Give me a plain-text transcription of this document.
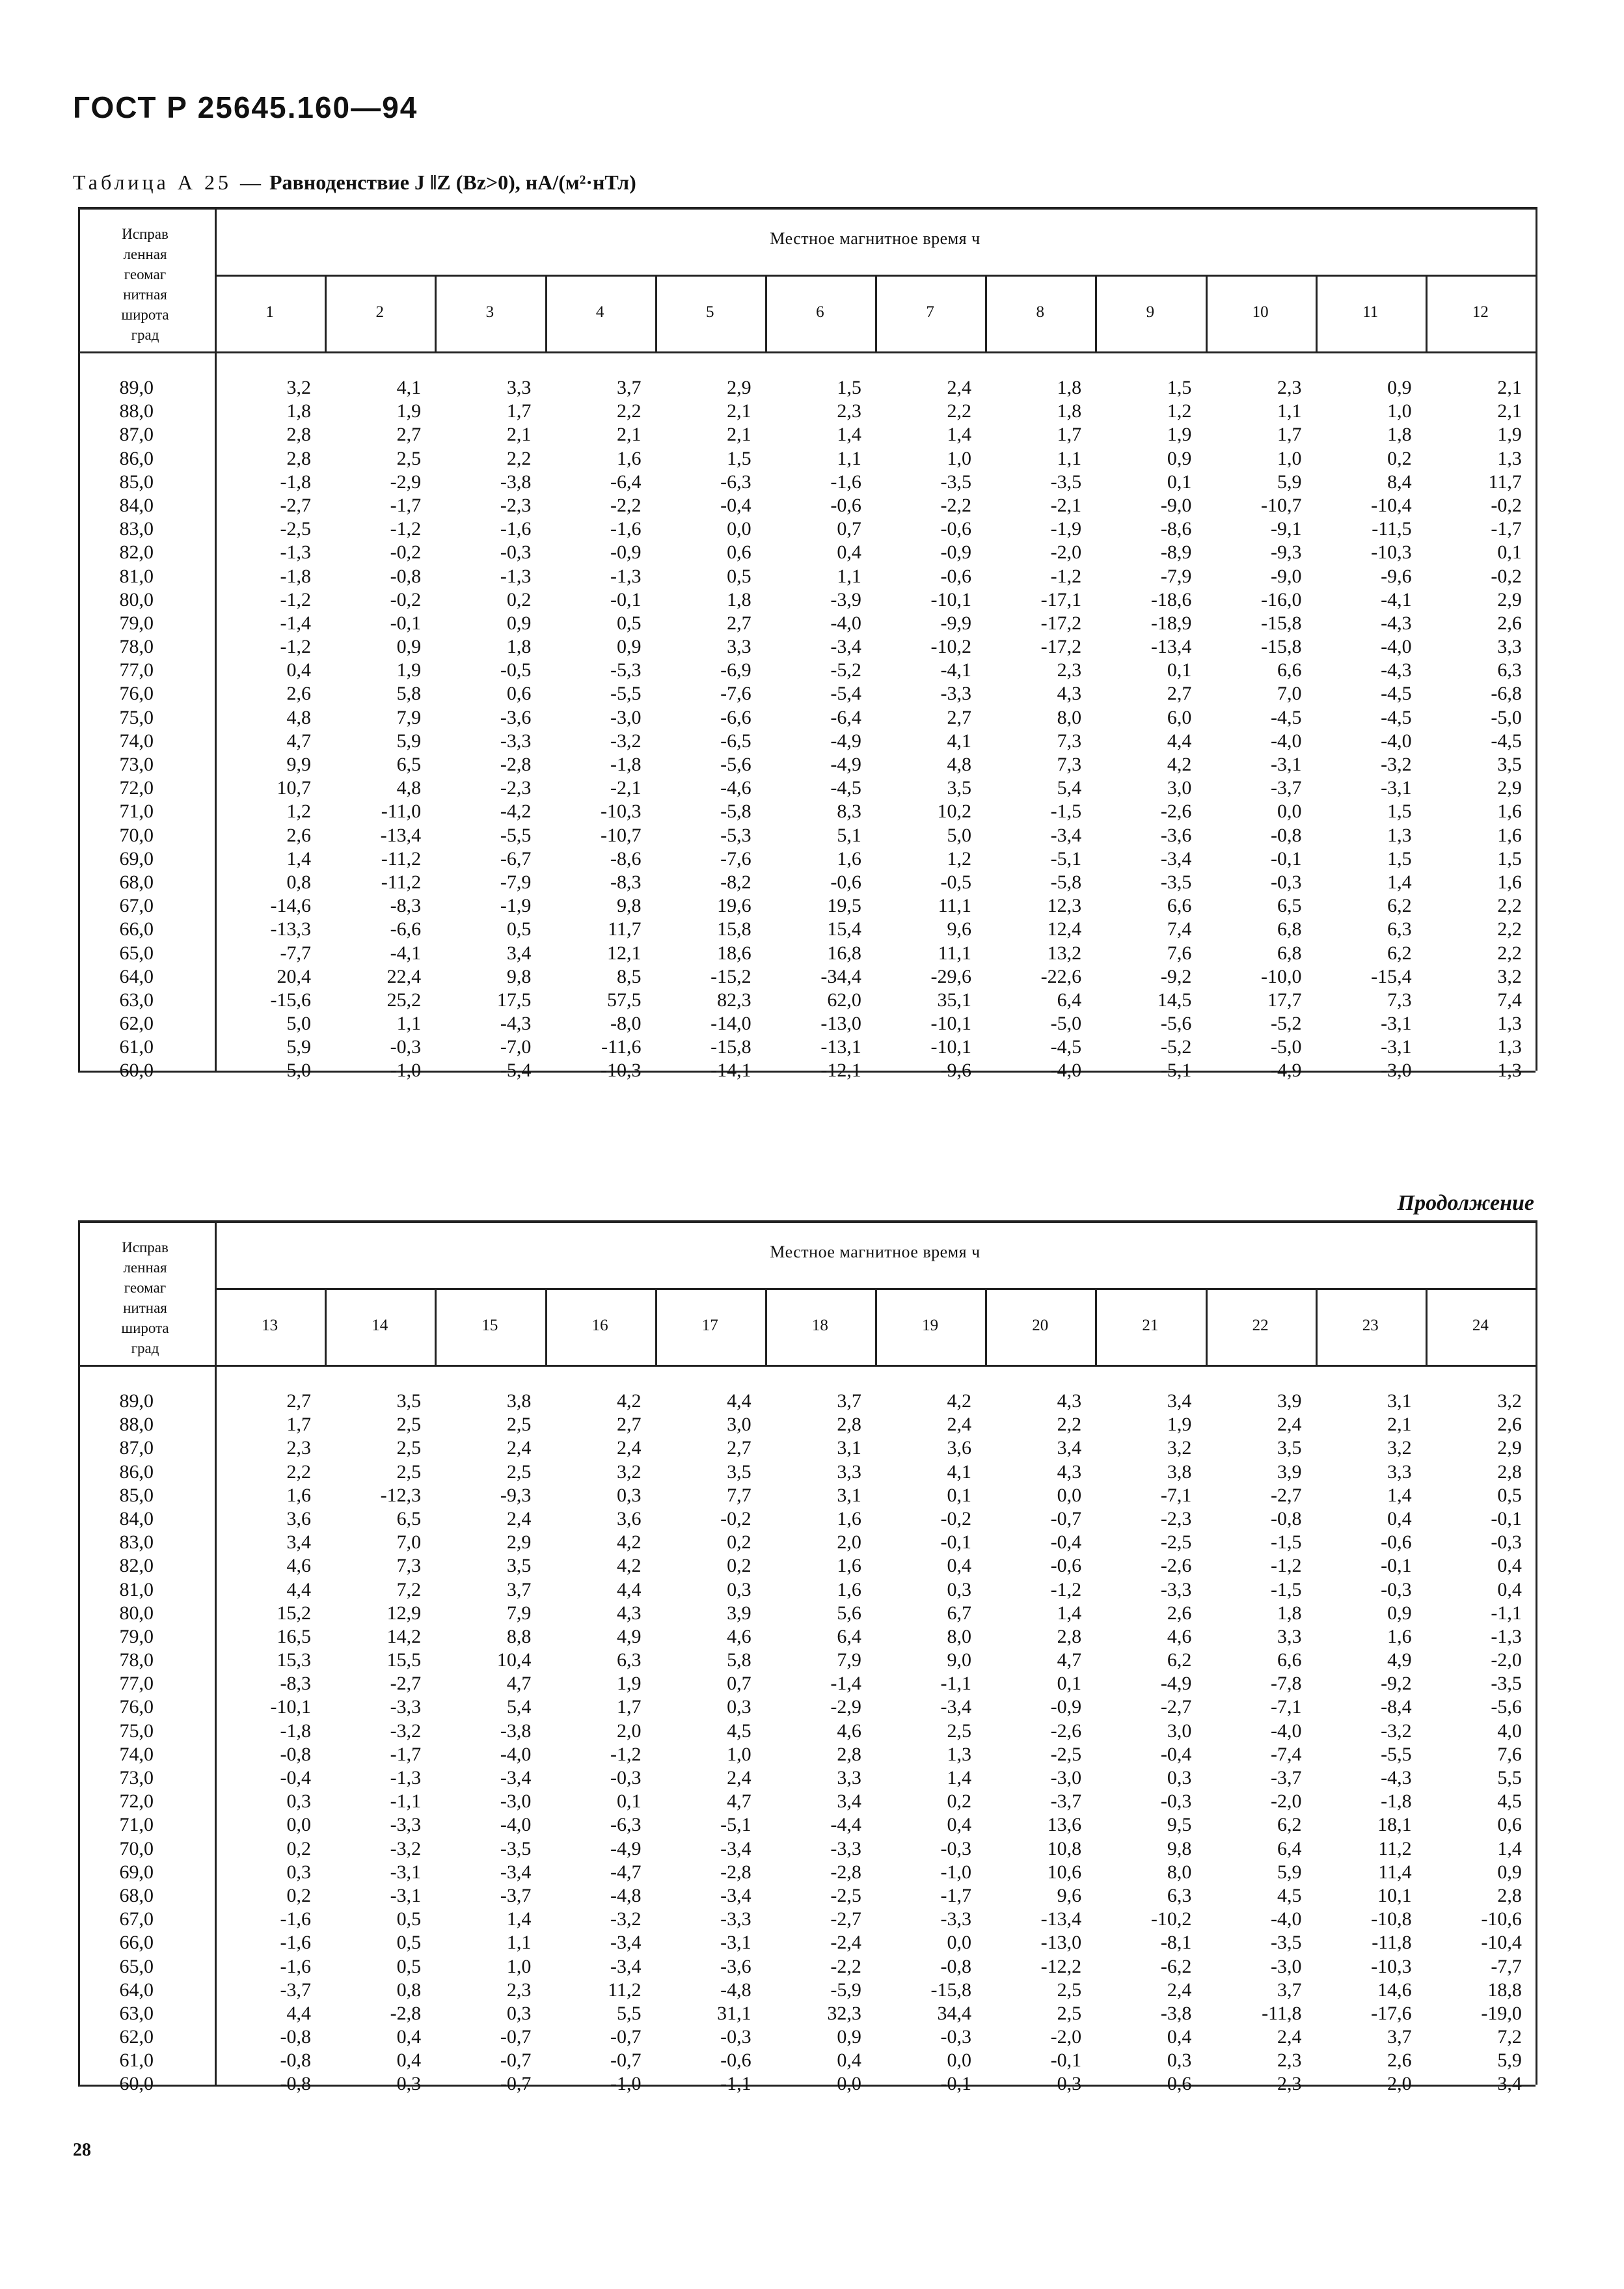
ГОСТ Р 25645.160—94
Таблица А 25 — Равноденствие J ‖Z (Bz>0), нА/(м²·нТл)
Исправ
ленная
геомаг
нитная
широта
град
Местное магнитное время ч
1	2	3	4	5	6	7	8	9	10	11	12
89,0	3,2	4,1	3,3	3,7	2,9	1,5	2,4	1,8	1,5	2,3	0,9	2,1
88,0	1,8	1,9	1,7	2,2	2,1	2,3	2,2	1,8	1,2	1,1	1,0	2,1
87,0	2,8	2,7	2,1	2,1	2,1	1,4	1,4	1,7	1,9	1,7	1,8	1,9
86,0	2,8	2,5	2,2	1,6	1,5	1,1	1,0	1,1	0,9	1,0	0,2	1,3
85,0	-1,8	-2,9	-3,8	-6,4	-6,3	-1,6	-3,5	-3,5	0,1	5,9	8,4	11,7
84,0	-2,7	-1,7	-2,3	-2,2	-0,4	-0,6	-2,2	-2,1	-9,0	-10,7	-10,4	-0,2
83,0	-2,5	-1,2	-1,6	-1,6	0,0	0,7	-0,6	-1,9	-8,6	-9,1	-11,5	-1,7
82,0	-1,3	-0,2	-0,3	-0,9	0,6	0,4	-0,9	-2,0	-8,9	-9,3	-10,3	0,1
81,0	-1,8	-0,8	-1,3	-1,3	0,5	1,1	-0,6	-1,2	-7,9	-9,0	-9,6	-0,2
80,0	-1,2	-0,2	0,2	-0,1	1,8	-3,9	-10,1	-17,1	-18,6	-16,0	-4,1	2,9
79,0	-1,4	-0,1	0,9	0,5	2,7	-4,0	-9,9	-17,2	-18,9	-15,8	-4,3	2,6
78,0	-1,2	0,9	1,8	0,9	3,3	-3,4	-10,2	-17,2	-13,4	-15,8	-4,0	3,3
77,0	0,4	1,9	-0,5	-5,3	-6,9	-5,2	-4,1	2,3	0,1	6,6	-4,3	6,3
76,0	2,6	5,8	0,6	-5,5	-7,6	-5,4	-3,3	4,3	2,7	7,0	-4,5	-6,8
75,0	4,8	7,9	-3,6	-3,0	-6,6	-6,4	2,7	8,0	6,0	-4,5	-4,5	-5,0
74,0	4,7	5,9	-3,3	-3,2	-6,5	-4,9	4,1	7,3	4,4	-4,0	-4,0	-4,5
73,0	9,9	6,5	-2,8	-1,8	-5,6	-4,9	4,8	7,3	4,2	-3,1	-3,2	3,5
72,0	10,7	4,8	-2,3	-2,1	-4,6	-4,5	3,5	5,4	3,0	-3,7	-3,1	2,9
71,0	1,2	-11,0	-4,2	-10,3	-5,8	8,3	10,2	-1,5	-2,6	0,0	1,5	1,6
70,0	2,6	-13,4	-5,5	-10,7	-5,3	5,1	5,0	-3,4	-3,6	-0,8	1,3	1,6
69,0	1,4	-11,2	-6,7	-8,6	-7,6	1,6	1,2	-5,1	-3,4	-0,1	1,5	1,5
68,0	0,8	-11,2	-7,9	-8,3	-8,2	-0,6	-0,5	-5,8	-3,5	-0,3	1,4	1,6
67,0	-14,6	-8,3	-1,9	9,8	19,6	19,5	11,1	12,3	6,6	6,5	6,2	2,2
66,0	-13,3	-6,6	0,5	11,7	15,8	15,4	9,6	12,4	7,4	6,8	6,3	2,2
65,0	-7,7	-4,1	3,4	12,1	18,6	16,8	11,1	13,2	7,6	6,8	6,2	2,2
64,0	20,4	22,4	9,8	8,5	-15,2	-34,4	-29,6	-22,6	-9,2	-10,0	-15,4	3,2
63,0	-15,6	25,2	17,5	57,5	82,3	62,0	35,1	6,4	14,5	17,7	7,3	7,4
62,0	5,0	1,1	-4,3	-8,0	-14,0	-13,0	-10,1	-5,0	-5,6	-5,2	-3,1	1,3
61,0	5,9	-0,3	-7,0	-11,6	-15,8	-13,1	-10,1	-4,5	-5,2	-5,0	-3,1	1,3
60,0	5,0	-1,0	-5,4	-10,3	-14,1	-12,1	-9,6	-4,0	-5,1	-4,9	-3,0	1,3
Продолжение
Исправ
ленная
геомаг
нитная
широта
град
Местное магнитное время ч
13	14	15	16	17	18	19	20	21	22	23	24
89,0	2,7	3,5	3,8	4,2	4,4	3,7	4,2	4,3	3,4	3,9	3,1	3,2
88,0	1,7	2,5	2,5	2,7	3,0	2,8	2,4	2,2	1,9	2,4	2,1	2,6
87,0	2,3	2,5	2,4	2,4	2,7	3,1	3,6	3,4	3,2	3,5	3,2	2,9
86,0	2,2	2,5	2,5	3,2	3,5	3,3	4,1	4,3	3,8	3,9	3,3	2,8
85,0	1,6	-12,3	-9,3	0,3	7,7	3,1	0,1	0,0	-7,1	-2,7	1,4	0,5
84,0	3,6	6,5	2,4	3,6	-0,2	1,6	-0,2	-0,7	-2,3	-0,8	0,4	-0,1
83,0	3,4	7,0	2,9	4,2	0,2	2,0	-0,1	-0,4	-2,5	-1,5	-0,6	-0,3
82,0	4,6	7,3	3,5	4,2	0,2	1,6	0,4	-0,6	-2,6	-1,2	-0,1	0,4
81,0	4,4	7,2	3,7	4,4	0,3	1,6	0,3	-1,2	-3,3	-1,5	-0,3	0,4
80,0	15,2	12,9	7,9	4,3	3,9	5,6	6,7	1,4	2,6	1,8	0,9	-1,1
79,0	16,5	14,2	8,8	4,9	4,6	6,4	8,0	2,8	4,6	3,3	1,6	-1,3
78,0	15,3	15,5	10,4	6,3	5,8	7,9	9,0	4,7	6,2	6,6	4,9	-2,0
77,0	-8,3	-2,7	4,7	1,9	0,7	-1,4	-1,1	0,1	-4,9	-7,8	-9,2	-3,5
76,0	-10,1	-3,3	5,4	1,7	0,3	-2,9	-3,4	-0,9	-2,7	-7,1	-8,4	-5,6
75,0	-1,8	-3,2	-3,8	2,0	4,5	4,6	2,5	-2,6	3,0	-4,0	-3,2	4,0
74,0	-0,8	-1,7	-4,0	-1,2	1,0	2,8	1,3	-2,5	-0,4	-7,4	-5,5	7,6
73,0	-0,4	-1,3	-3,4	-0,3	2,4	3,3	1,4	-3,0	0,3	-3,7	-4,3	5,5
72,0	0,3	-1,1	-3,0	0,1	4,7	3,4	0,2	-3,7	-0,3	-2,0	-1,8	4,5
71,0	0,0	-3,3	-4,0	-6,3	-5,1	-4,4	0,4	13,6	9,5	6,2	18,1	0,6
70,0	0,2	-3,2	-3,5	-4,9	-3,4	-3,3	-0,3	10,8	9,8	6,4	11,2	1,4
69,0	0,3	-3,1	-3,4	-4,7	-2,8	-2,8	-1,0	10,6	8,0	5,9	11,4	0,9
68,0	0,2	-3,1	-3,7	-4,8	-3,4	-2,5	-1,7	9,6	6,3	4,5	10,1	2,8
67,0	-1,6	0,5	1,4	-3,2	-3,3	-2,7	-3,3	-13,4	-10,2	-4,0	-10,8	-10,6
66,0	-1,6	0,5	1,1	-3,4	-3,1	-2,4	0,0	-13,0	-8,1	-3,5	-11,8	-10,4
65,0	-1,6	0,5	1,0	-3,4	-3,6	-2,2	-0,8	-12,2	-6,2	-3,0	-10,3	-7,7
64,0	-3,7	0,8	2,3	11,2	-4,8	-5,9	-15,8	2,5	2,4	3,7	14,6	18,8
63,0	4,4	-2,8	0,3	5,5	31,1	32,3	34,4	2,5	-3,8	-11,8	-17,6	-19,0
62,0	-0,8	0,4	-0,7	-0,7	-0,3	0,9	-0,3	-2,0	0,4	2,4	3,7	7,2
61,0	-0,8	0,4	-0,7	-0,7	-0,6	0,4	0,0	-0,1	0,3	2,3	2,6	5,9
60,0	-0,8	0,3	-0,7	-1,0	-1,1	0,0	-0,1	0,3	0,6	2,3	2,0	3,4
28
